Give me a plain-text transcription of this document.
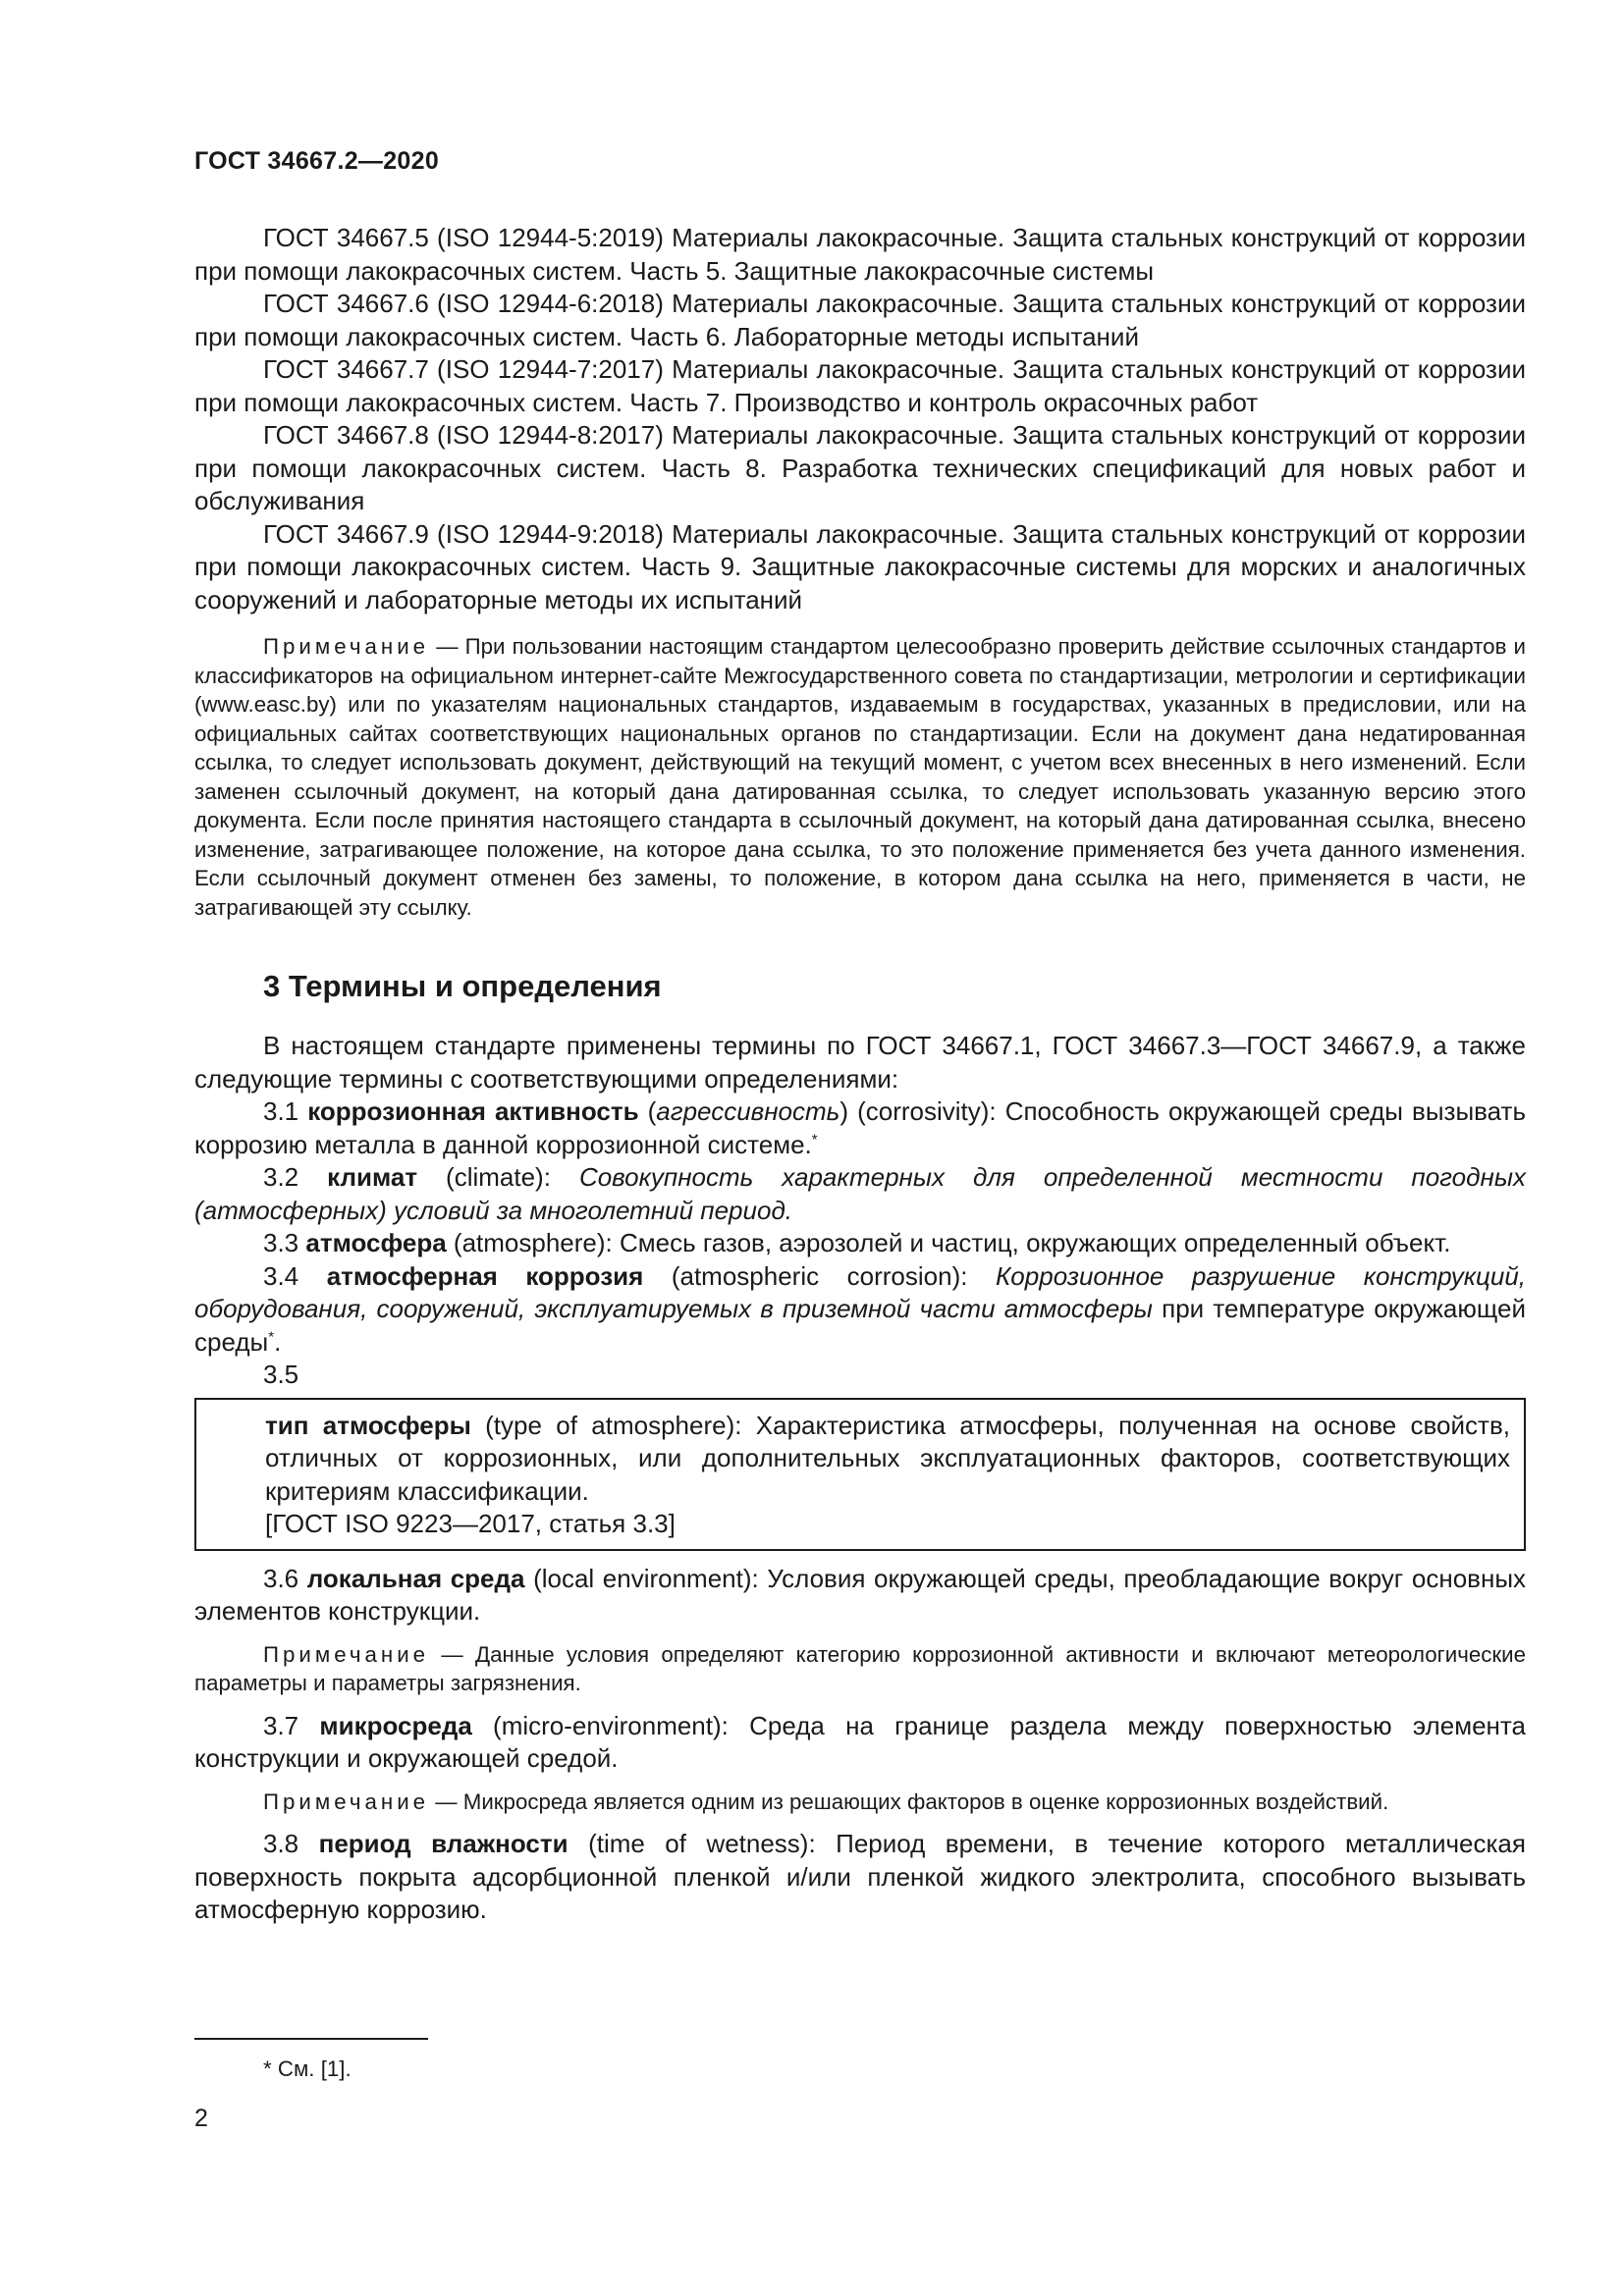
ГОСТ 34667.2—2020

ГОСТ 34667.5 (ISO 12944-5:2019) Материалы лакокрасочные. Защита стальных конструкций от коррозии при помощи лакокрасочных систем. Часть 5. Защитные лакокрасочные системы

ГОСТ 34667.6 (ISO 12944-6:2018) Материалы лакокрасочные. Защита стальных конструкций от коррозии при помощи лакокрасочных систем. Часть 6. Лабораторные методы испытаний

ГОСТ 34667.7 (ISO 12944-7:2017) Материалы лакокрасочные. Защита стальных конструкций от коррозии при помощи лакокрасочных систем. Часть 7. Производство и контроль окрасочных работ

ГОСТ 34667.8 (ISO 12944-8:2017) Материалы лакокрасочные. Защита стальных конструкций от коррозии при помощи лакокрасочных систем. Часть 8. Разработка технических спецификаций для новых работ и обслуживания

ГОСТ 34667.9 (ISO 12944-9:2018) Материалы лакокрасочные. Защита стальных конструкций от коррозии при помощи лакокрасочных систем. Часть 9. Защитные лакокрасочные системы для морских и аналогичных сооружений и лабораторные методы их испытаний

Примечание — При пользовании настоящим стандартом целесообразно проверить действие ссылочных стандартов и классификаторов на официальном интернет-сайте Межгосударственного совета по стандартизации, метрологии и сертификации (www.easc.by) или по указателям национальных стандартов, издаваемым в государствах, указанных в предисловии, или на официальных сайтах соответствующих национальных органов по стандартизации. Если на документ дана недатированная ссылка, то следует использовать документ, действующий на текущий момент, с учетом всех внесенных в него изменений. Если заменен ссылочный документ, на который дана датированная ссылка, то следует использовать указанную версию этого документа. Если после принятия настоящего стандарта в ссылочный документ, на который дана датированная ссылка, внесено изменение, затрагивающее положение, на которое дана ссылка, то это положение применяется без учета данного изменения. Если ссылочный документ отменен без замены, то положение, в котором дана ссылка на него, применяется в части, не затрагивающей эту ссылку.

3 Термины и определения

В настоящем стандарте применены термины по ГОСТ 34667.1, ГОСТ 34667.3—ГОСТ 34667.9, а также следующие термины с соответствующими определениями:

3.1 коррозионная активность (агрессивность) (corrosivity): Способность окружающей среды вызывать коррозию металла в данной коррозионной системе.*

3.2 климат (climate): Совокупность характерных для определенной местности погодных (атмосферных) условий за многолетний период.

3.3 атмосфера (atmosphere): Смесь газов, аэрозолей и частиц, окружающих определенный объект.

3.4 атмосферная коррозия (atmospheric corrosion): Коррозионное разрушение конструкций, оборудования, сооружений, эксплуатируемых в приземной части атмосферы при температуре окружающей среды*.

3.5

тип атмосферы (type of atmosphere): Характеристика атмосферы, полученная на основе свойств, отличных от коррозионных, или дополнительных эксплуатационных факторов, соответствующих критериям классификации.

[ГОСТ ISO 9223—2017, статья 3.3]

3.6 локальная среда (local environment): Условия окружающей среды, преобладающие вокруг основных элементов конструкции.

Примечание — Данные условия определяют категорию коррозионной активности и включают метеорологические параметры и параметры загрязнения.

3.7 микросреда (micro-environment): Среда на границе раздела между поверхностью элемента конструкции и окружающей средой.

Примечание — Микросреда является одним из решающих факторов в оценке коррозионных воздействий.

3.8 период влажности (time of wetness): Период времени, в течение которого металлическая поверхность покрыта адсорбционной пленкой и/или пленкой жидкого электролита, способного вызывать атмосферную коррозию.

* См. [1].
2
